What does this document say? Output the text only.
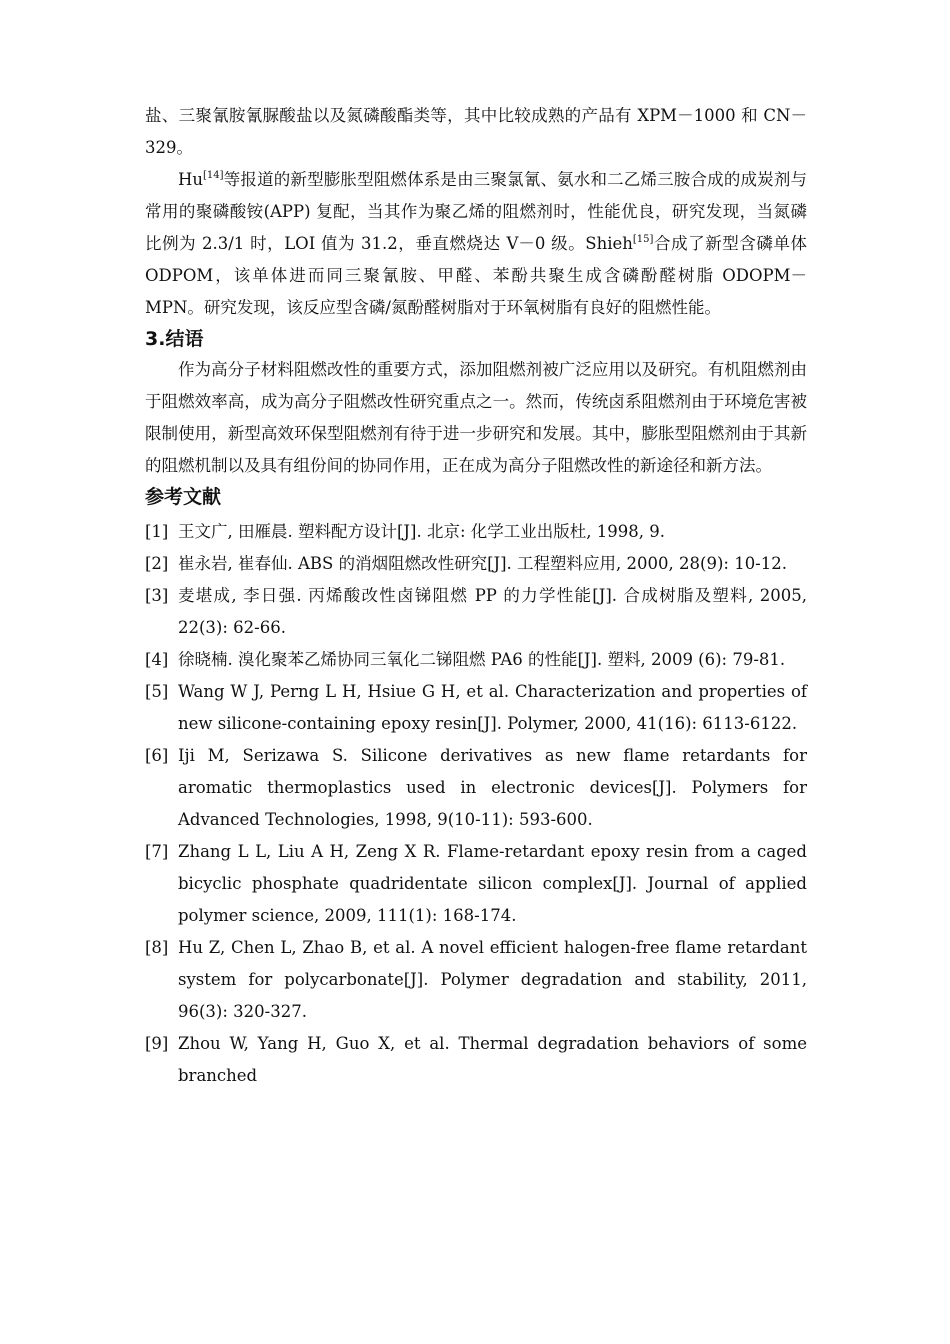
盐、三聚氰胺氰脲酸盐以及氮磷酸酯类等，其中比较成熟的产品有 XPM－1000 和 CN－329。

Hu[14]等报道的新型膨胀型阻燃体系是由三聚氯氰、氨水和二乙烯三胺合成的成炭剂与常用的聚磷酸铵(APP) 复配，当其作为聚乙烯的阻燃剂时，性能优良，研究发现，当氮磷比例为 2.3/1 时，LOI 值为 31.2，垂直燃烧达 V－0 级。Shieh[15]合成了新型含磷单体 ODPOM，该单体进而同三聚氰胺、甲醛、苯酚共聚生成含磷酚醛树脂 ODOPM－MPN。研究发现，该反应型含磷/氮酚醛树脂对于环氧树脂有良好的阻燃性能。

3.结语

作为高分子材料阻燃改性的重要方式，添加阻燃剂被广泛应用以及研究。有机阻燃剂由于阻燃效率高，成为高分子阻燃改性研究重点之一。然而，传统卤系阻燃剂由于环境危害被限制使用，新型高效环保型阻燃剂有待于进一步研究和发展。其中，膨胀型阻燃剂由于其新的阻燃机制以及具有组份间的协同作用，正在成为高分子阻燃改性的新途径和新方法。

参考文献
[1] 王文广, 田雁晨. 塑料配方设计[J]. 北京: 化学工业出版杜, 1998, 9.
[2] 崔永岩, 崔春仙. ABS 的消烟阻燃改性研究[J]. 工程塑料应用, 2000, 28(9): 10-12.
[3] 麦堪成, 李日强. 丙烯酸改性卤锑阻燃 PP 的力学性能[J]. 合成树脂及塑料, 2005, 22(3): 62-66.
[4] 徐晓楠. 溴化聚苯乙烯协同三氧化二锑阻燃 PA6 的性能[J]. 塑料, 2009 (6): 79-81.
[5] Wang W J, Perng L H, Hsiue G H, et al. Characterization and properties of new silicone-containing epoxy resin[J]. Polymer, 2000, 41(16): 6113-6122.
[6] Iji M, Serizawa S. Silicone derivatives as new flame retardants for aromatic thermoplastics used in electronic devices[J]. Polymers for Advanced Technologies, 1998, 9(10‐11): 593-600.
[7] Zhang L L, Liu A H, Zeng X R. Flame‐retardant epoxy resin from a caged bicyclic phosphate quadridentate silicon complex[J]. Journal of applied polymer science, 2009, 111(1): 168-174.
[8] Hu Z, Chen L, Zhao B, et al. A novel efficient halogen-free flame retardant system for polycarbonate[J]. Polymer degradation and stability, 2011, 96(3): 320-327.
[9] Zhou W, Yang H, Guo X, et al. Thermal degradation behaviors of some branched
